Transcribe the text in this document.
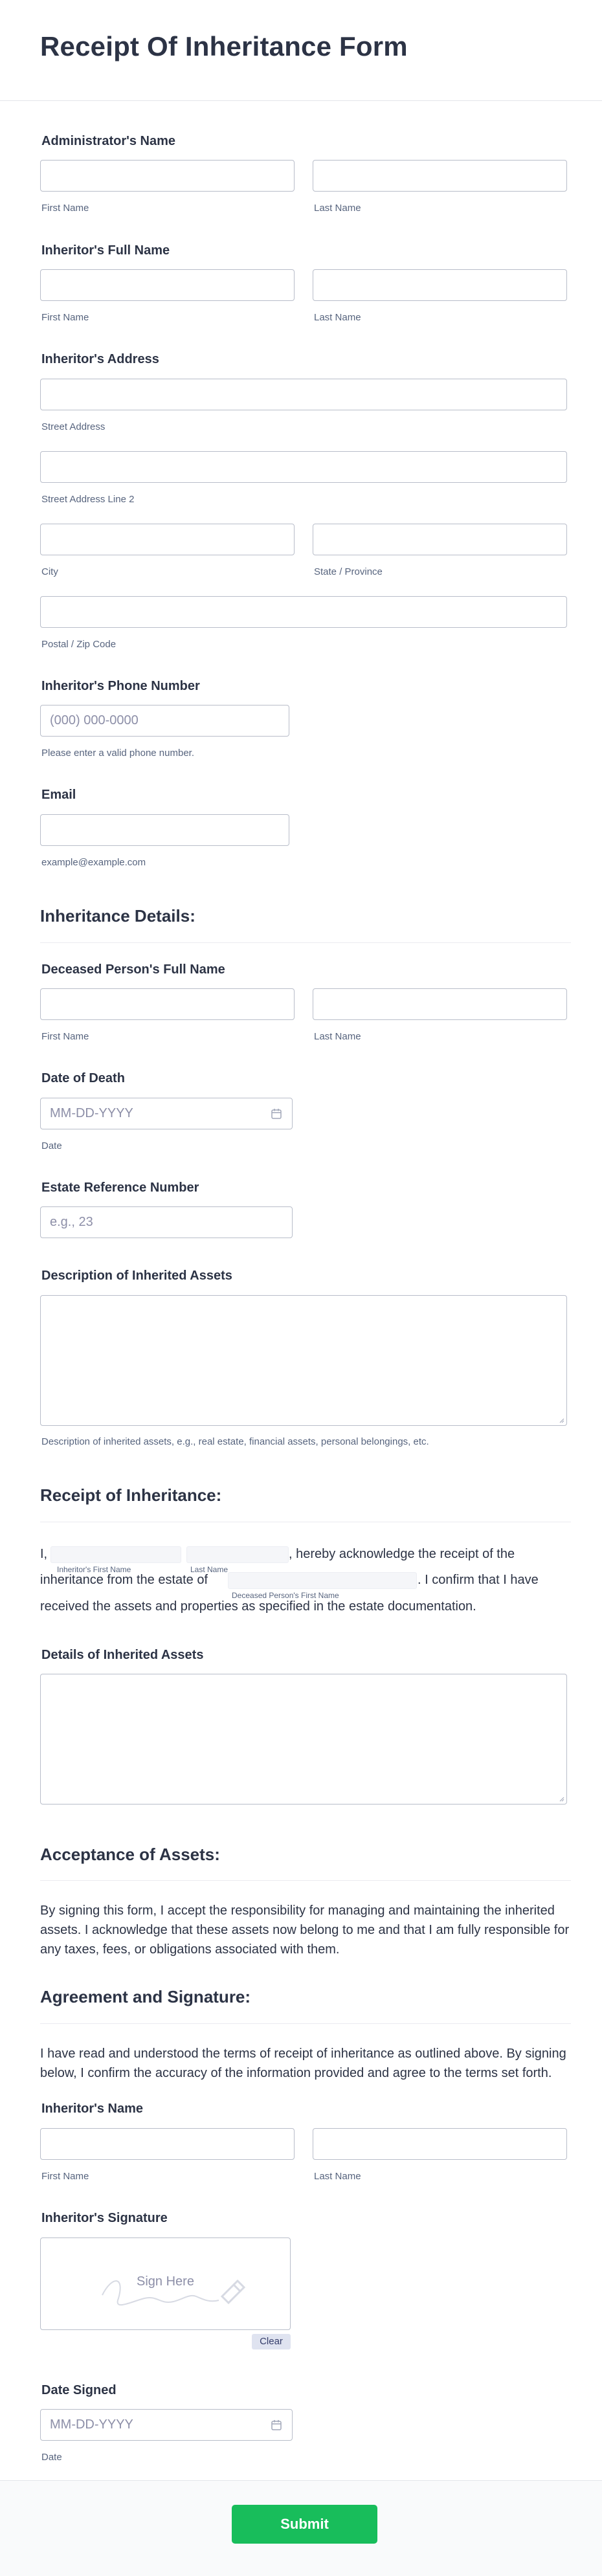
Receipt Of Inheritance Form
Administrator's Name
First Name	Last Name
Inheritor's Full Name
First Name	Last Name
Inheritor's Address
Street Address
Street Address Line 2
City	State / Province
Postal / Zip Code
Inheritor's Phone Number
(000) 000-0000
Please enter a valid phone number.
Email
example@example.com
Inheritance Details:
Deceased Person's Full Name
First Name	Last Name
Date of Death
MM-DD-YYYY
Date
Estate Reference Number
e.g., 23
Description of Inherited Assets
Description of inherited assets, e.g., real estate, financial assets, personal belongings, etc.
Receipt of Inheritance:
I,	, hereby acknowledge the receipt of the
Inheritor's First Name	Last Name
inheritance from the estate of	. I confirm that I have
Deceased Person's First Name
received the assets and properties as specified in the estate documentation.
Details of Inherited Assets
Acceptance of Assets:
By signing this form, I accept the responsibility for managing and maintaining the inherited
assets. I acknowledge that these assets now belong to me and that I am fully responsible for
any taxes, fees, or obligations associated with them.
Agreement and Signature:
I have read and understood the terms of receipt of inheritance as outlined above. By signing
below, I confirm the accuracy of the information provided and agree to the terms set forth.
Inheritor's Name
First Name	Last Name
Inheritor's Signature
Sign Here
Clear
Date Signed
MM-DD-YYYY
Date
Submit
